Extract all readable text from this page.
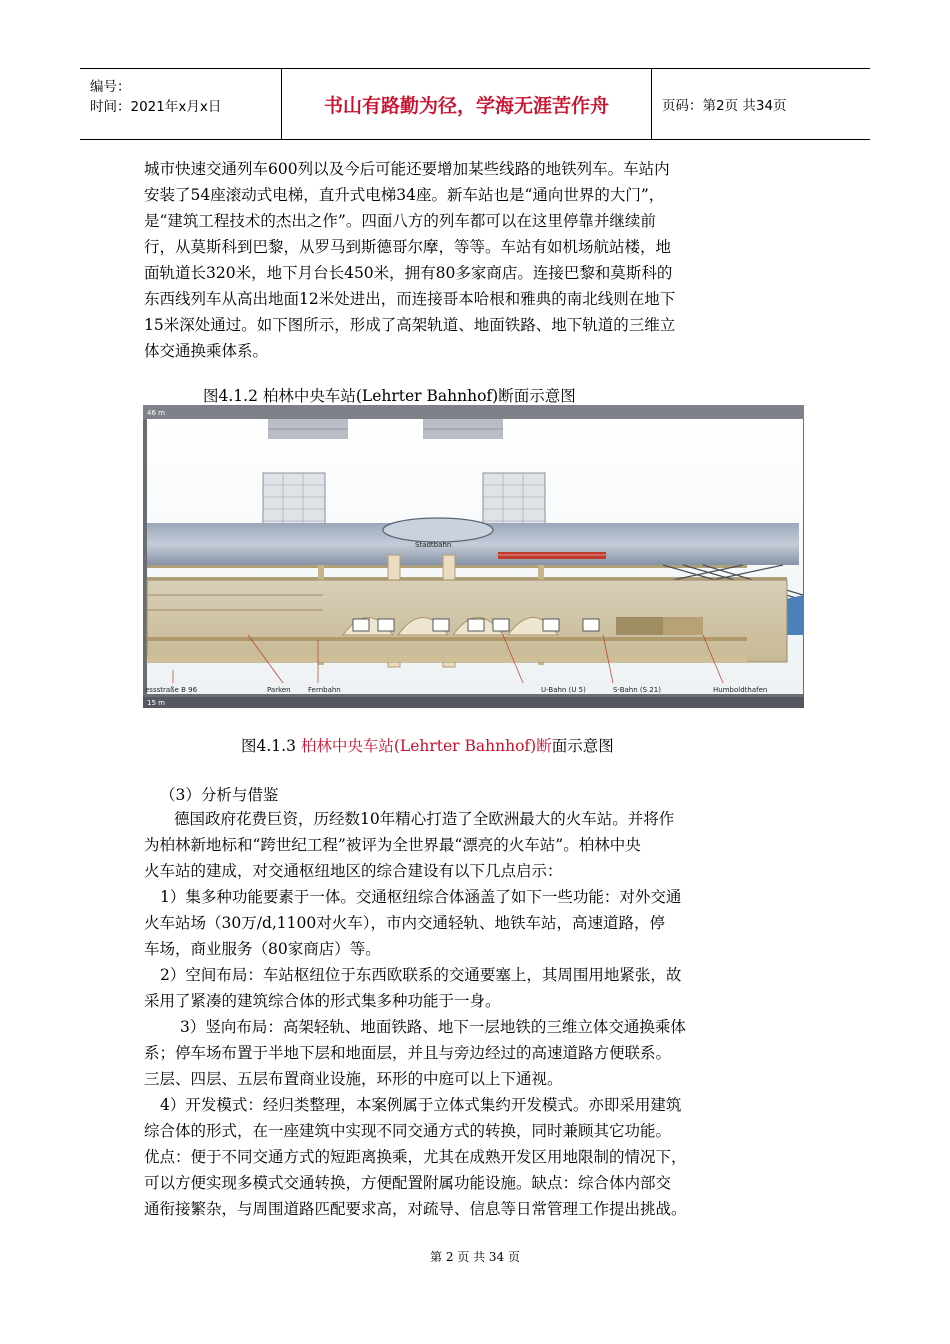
编号：
时间：2021年x月x日	书山有路勤为径，学海无涯苦作舟	页码：第2页 共34页
城市快速交通列车600列以及今后可能还要增加某些线路的地铁列车。车站内
安装了54座滚动式电梯，直升式电梯34座。新车站也是“通向世界的大门”，
是“建筑工程技术的杰出之作”。四面八方的列车都可以在这里停靠并继续前
行，从莫斯科到巴黎，从罗马到斯德哥尔摩，等等。车站有如机场航站楼，地
面轨道长320米，地下月台长450米，拥有80多家商店。连接巴黎和莫斯科的
东西线列车从高出地面12米处进出，而连接哥本哈根和雅典的南北线则在地下
15米深处通过。如下图所示，形成了高架轨道、地面铁路、地下轨道的三维立
体交通换乘体系。
图4.1.2 柏林中央车站(Lehrter Bahnhof)断面示意图
46 m
Stadtbahn
essstraße B 96	Parken Fernbahn	U-Bahn (U 5)	S-Bahn (S 21)	Humboldthafen
15 m
图4.1.3 柏林中央车站(Lehrter Bahnhof)断面示意图
（3）分析与借鉴
德国政府花费巨资，历经数10年精心打造了全欧洲最大的火车站。并将作
为柏林新地标和“跨世纪工程”被评为全世界最“漂亮的火车站”。柏林中央
火车站的建成，对交通枢纽地区的综合建设有以下几点启示：
1）集多种功能要素于一体。交通枢纽综合体涵盖了如下一些功能：对外交通
火车站场（30万/d,1100对火车），市内交通轻轨、地铁车站，高速道路，停
车场，商业服务（80家商店）等。
2）空间布局：车站枢纽位于东西欧联系的交通要塞上，其周围用地紧张，故
采用了紧凑的建筑综合体的形式集多种功能于一身。
3）竖向布局：高架轻轨、地面铁路、地下一层地铁的三维立体交通换乘体
系；停车场布置于半地下层和地面层，并且与旁边经过的高速道路方便联系。
三层、四层、五层布置商业设施，环形的中庭可以上下通视。
4）开发模式：经归类整理，本案例属于立体式集约开发模式。亦即采用建筑
综合体的形式，在一座建筑中实现不同交通方式的转换，同时兼顾其它功能。
优点：便于不同交通方式的短距离换乘，尤其在成熟开发区用地限制的情况下，
可以方便实现多模式交通转换，方便配置附属功能设施。缺点：综合体内部交
通衔接繁杂，与周围道路匹配要求高，对疏导、信息等日常管理工作提出挑战。
第 2 页 共 34 页
